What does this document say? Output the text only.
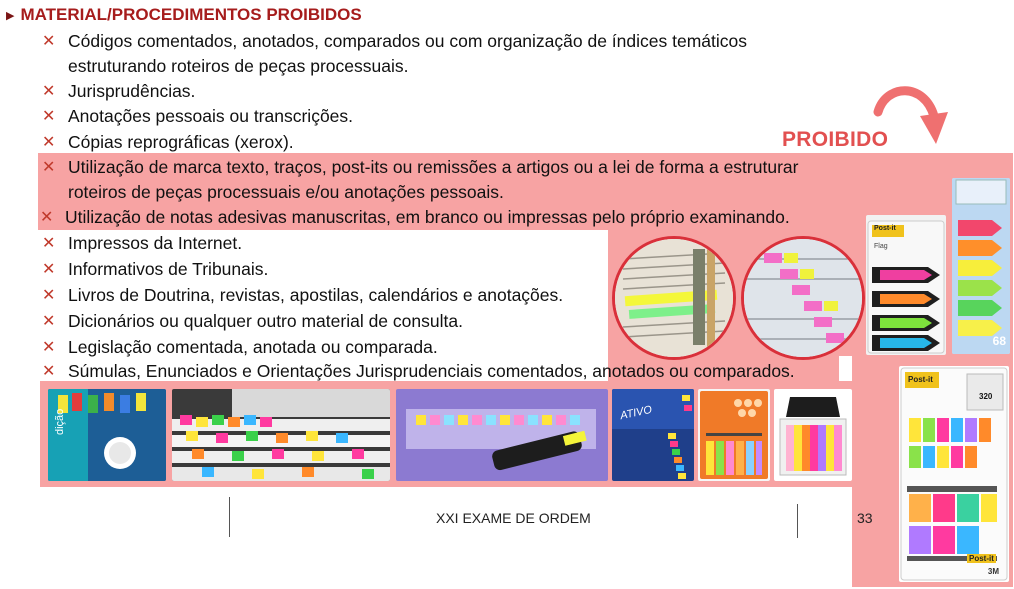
▶ MATERIAL/PROCEDIMENTOS PROIBIDOS
✕ Códigos comentados, anotados, comparados ou com organização de índices temáticos
estruturando roteiros de peças processuais.
✕ Jurisprudências.
✕ Anotações pessoais ou transcrições.
✕ Cópias reprográficas (xerox).
✕ Utilização de marca texto, traços, post-its ou remissões a artigos ou a lei de forma a estruturar
roteiros de peças processuais e/ou anotações pessoais.
✕ Utilização de notas adesivas manuscritas, em branco ou impressas pelo próprio examinando.
✕ Impressos da Internet.
✕ Informativos de Tribunais.
✕ Livros de Doutrina, revistas, apostilas, calendários e anotações.
✕ Dicionários ou qualquer outro material de consulta.
✕ Legislação comentada, anotada ou comparada.
✕ Súmulas, Enunciados e Orientações Jurisprudenciais comentados, anotados ou comparados.
PROIBIDO
Post-it
Flag
68
dição	ATIVO
Post-it
320
3M
Post-it
XXI EXAME DE ORDEM	33
